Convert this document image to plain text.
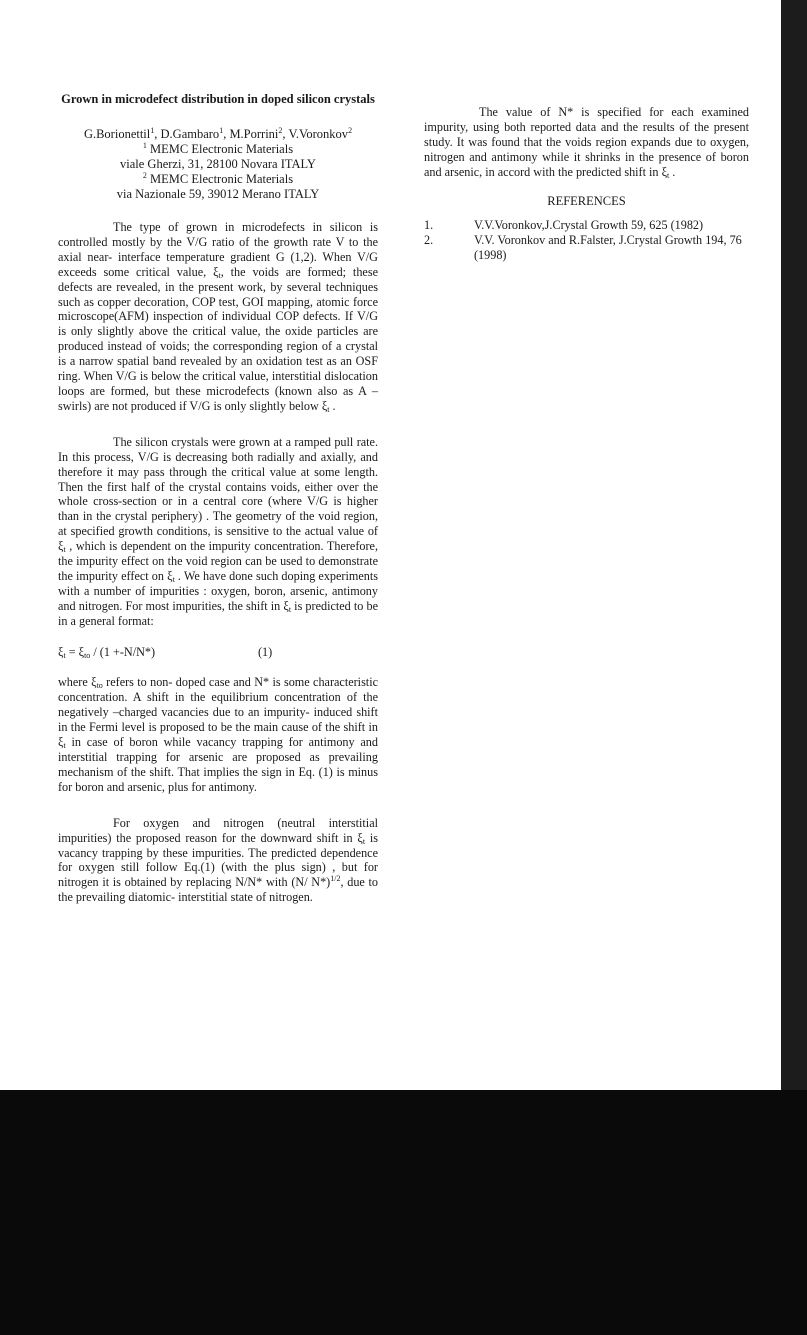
Grown in microdefect distribution in doped silicon crystals
G.Borionettil$^1$, D.Gambaro$^1$, M.Porrini$^2$, V.Voronkov$^2$
$^1$ MEMC Electronic Materials
viale Gherzi, 31, 28100 Novara ITALY
$^2$ MEMC Electronic Materials
via Nazionale 59, 39012 Merano ITALY

The type of grown in microdefects in silicon is controlled mostly by the V/G ratio of the growth rate V to the axial near- interface temperature gradient G (1,2). When V/G exceeds some critical value, $\xi_t$, the voids are formed; these defects are revealed, in the present work, by several techniques such as copper decoration, COP test, GOI mapping, atomic force microscope(AFM) inspection of individual COP defects. If V/G is only slightly above the critical value, the oxide particles are produced instead of voids; the corresponding region of a crystal is a narrow spatial band revealed by an oxidation test as an OSF ring. When V/G is below the critical value, interstitial dislocation loops are formed, but these microdefects (known also as A – swirls) are not produced if V/G is only slightly below $\xi_t$ .

The silicon crystals were grown at a ramped pull rate. In this process, V/G is decreasing both radially and axially, and therefore it may pass through the critical value at some length. Then the first half of the crystal contains voids, either over the whole cross-section or in a central core (where V/G is higher than in the crystal periphery) . The geometry of the void region, at specified growth conditions, is sensitive to the actual value of $\xi_t$ , which is dependent on the impurity concentration. Therefore, the impurity effect on the void region can be used to demonstrate the impurity effect on $\xi_t$ . We have done such doping experiments with a number of impurities : oxygen, boron, arsenic, antimony and nitrogen. For most impurities, the shift in $\xi_t$ is predicted to be in a general format:

$\xi_t = \xi_{to} / (1 +-N/N*)$	(1)

where $\xi_{to}$ refers to non- doped case and N* is some characteristic concentration. A shift in the equilibrium concentration of the negatively –charged vacancies due to an impurity- induced shift in the Fermi level is proposed to be the main cause of the shift in $\xi_t$ in case of boron while vacancy trapping for antimony and interstitial trapping for arsenic are proposed as prevailing mechanism of the shift. That implies the sign in Eq. (1) is minus for boron and arsenic, plus for antimony.

For oxygen and nitrogen (neutral interstitial impurities) the proposed reason for the downward shift in $\xi_t$ is vacancy trapping by these impurities. The predicted dependence for oxygen still follow Eq.(1) (with the plus sign) , but for nitrogen it is obtained by replacing N/N* with (N/ N*)$^{1/2}$, due to the prevailing diatomic- interstitial state of nitrogen.

The value of N* is specified for each examined impurity, using both reported data and the results of the present study. It was found that the voids region expands due to oxygen, nitrogen and antimony while it shrinks in the presence of boron and arsenic, in accord with the predicted shift in $\xi_t$ .

REFERENCES
1.	V.V.Voronkov,J.Crystal Growth 59, 625 (1982)
2.	V.V. Voronkov and R.Falster, J.Crystal Growth 194, 76 (1998)
